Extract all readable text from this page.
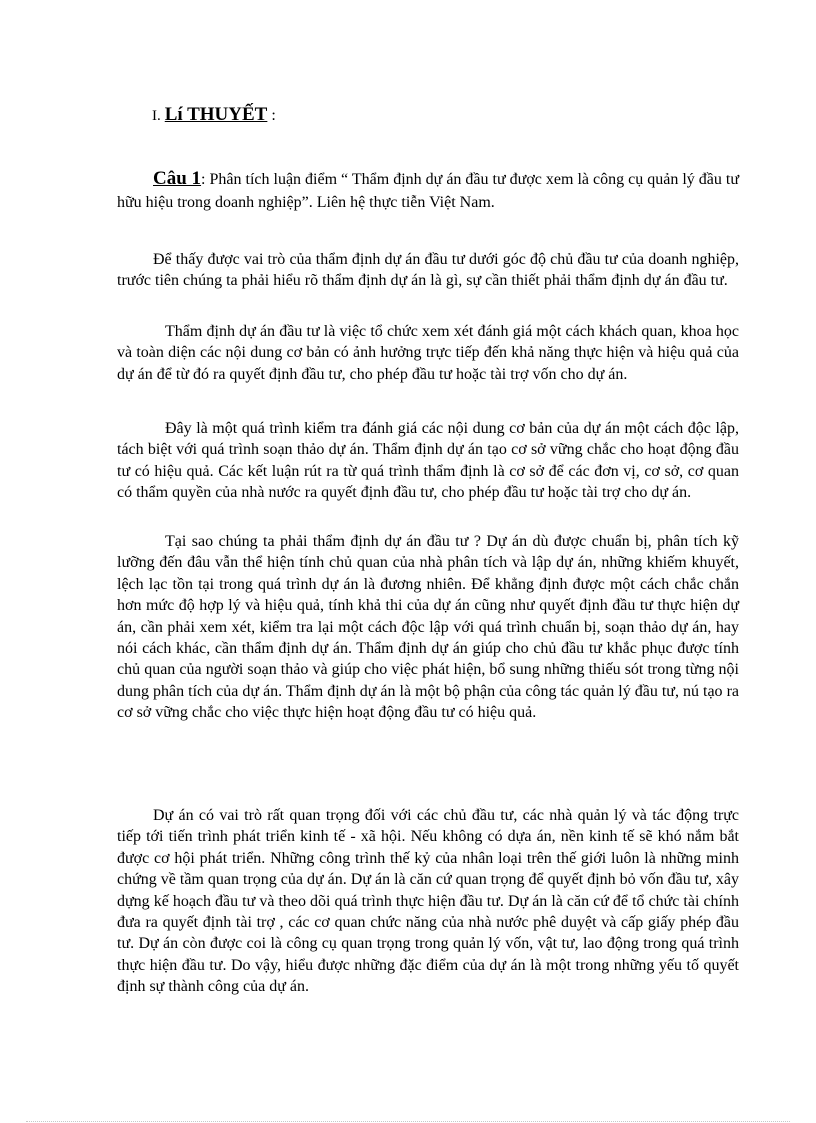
I. Lí THUYẾT :
Câu 1: Phân tích luận điểm “ Thẩm định dự án đầu tư được xem là công cụ quản lý đầu tư hữu hiệu trong doanh nghiệp”. Liên hệ thực tiễn Việt Nam.

Để thấy được vai trò của thẩm định dự án đầu tư dưới góc độ chủ đầu tư của doanh nghiệp, trước tiên chúng ta phải hiểu rõ thẩm định dự án là gì, sự cần thiết phải thẩm định dự án đầu tư.

Thẩm định dự án đầu tư là việc tổ chức xem xét đánh giá một cách khách quan, khoa học và toàn diện các nội dung cơ bản có ảnh hưởng trực tiếp đến khả năng thực hiện và hiệu quả của dự án để từ đó ra quyết định đầu tư, cho phép đầu tư hoặc tài trợ vốn cho dự án.

Đây là một quá trình kiểm tra đánh giá các nội dung cơ bản của dự án một cách độc lập, tách biệt với quá trình soạn thảo dự án. Thẩm định dự án tạo cơ sở vững chắc cho hoạt động đầu tư có hiệu quả. Các kết luận rút ra từ quá trình thẩm định là cơ sở để các đơn vị, cơ sở, cơ quan có thẩm quyền của nhà nước ra quyết định đầu tư, cho phép đầu tư hoặc tài trợ cho dự án.

Tại sao chúng ta phải thẩm định dự án đầu tư ? Dự án dù được chuẩn bị, phân tích kỹ lưỡng đến đâu vẫn thể hiện tính chủ quan của nhà phân tích và lập dự án, những khiếm khuyết, lệch lạc tồn tại trong quá trình dự án là đương nhiên. Để khẳng định được một cách chắc chắn hơn mức độ hợp lý và hiệu quả, tính khả thi của dự án cũng như quyết định đầu tư thực hiện dự án, cần phải xem xét, kiểm tra lại một cách độc lập với quá trình chuẩn bị, soạn thảo dự án, hay nói cách khác, cần thẩm định dự án. Thẩm định dự án giúp cho chủ đầu tư khắc phục được tính chủ quan của người soạn thảo và giúp cho việc phát hiện, bổ sung những thiếu sót trong từng nội dung phân tích của dự án. Thẩm định dự án là một bộ phận của công tác quản lý đầu tư, nú tạo ra cơ sở vững chắc cho việc thực hiện hoạt động đầu tư có hiệu quả.

Dự án có vai trò rất quan trọng đối với các chủ đầu tư, các nhà quản lý và tác động trực tiếp tới tiến trình phát triển kinh tế - xã hội. Nếu không có dựa án, nền kinh tế sẽ khó nắm bắt được cơ hội phát triển. Những công trình thế kỷ của nhân loại trên thế giới luôn là những minh chứng về tầm quan trọng của dự án. Dự án là căn cứ quan trọng để quyết định bỏ vốn đầu tư, xây dựng kế hoạch đầu tư và theo dõi quá trình thực hiện đầu tư. Dự án là căn cứ để tổ chức tài chính đưa ra quyết định tài trợ , các cơ quan chức năng của nhà nước phê duyệt và cấp giấy phép đầu tư. Dự án còn được coi là công cụ quan trọng trong quản lý vốn, vật tư, lao động trong quá trình thực hiện đầu tư. Do vậy, hiểu được những đặc điểm của dự án là một trong những yếu tố quyết định sự thành công của dự án.
